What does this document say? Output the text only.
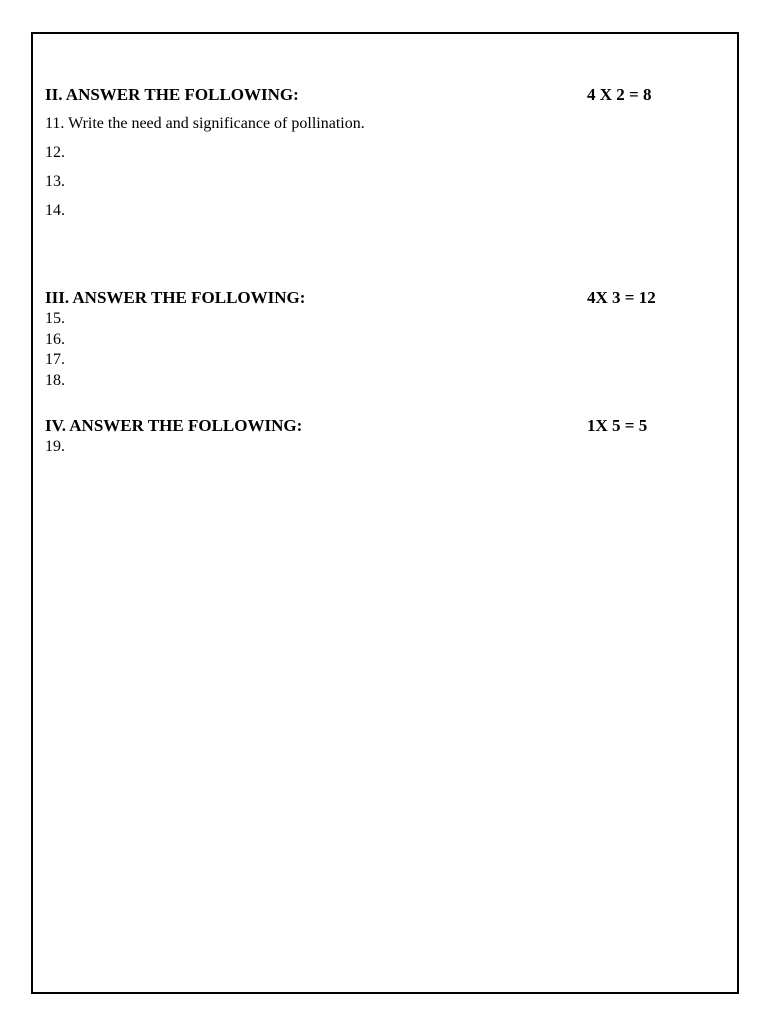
II. ANSWER THE FOLLOWING:	4 X 2 = 8
11. Write the need and significance of pollination.
12.
13.
14.
III. ANSWER THE FOLLOWING:	4X 3 = 12
15.
16.
17.
18.
IV. ANSWER THE FOLLOWING:	1X 5 = 5
19.
